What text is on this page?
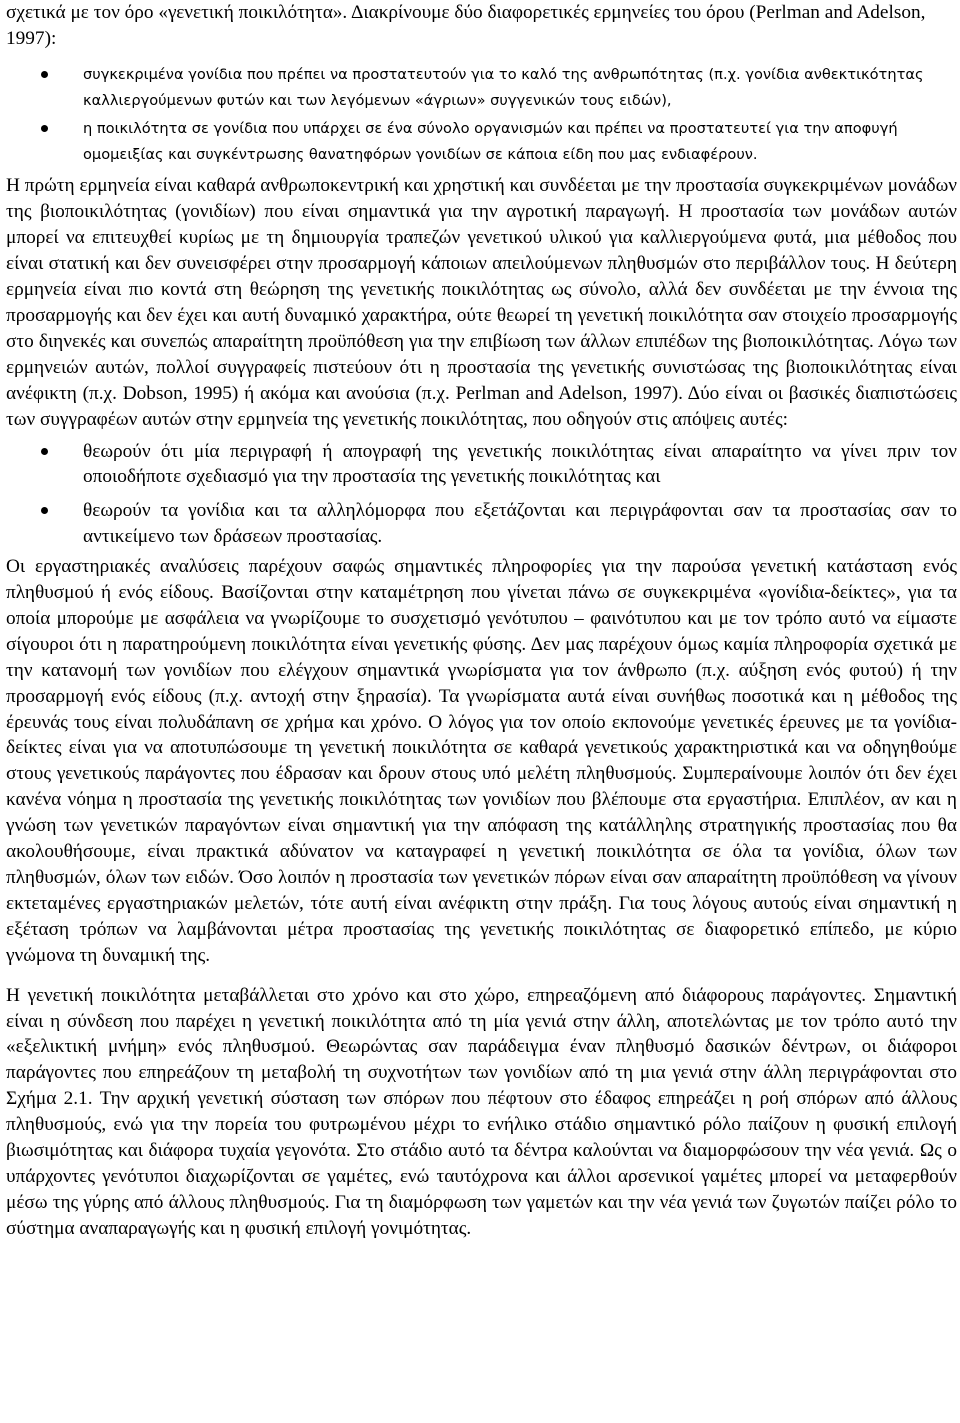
σχετικά με τον όρο «γενετική ποικιλότητα». Διακρίνουμε δύο διαφορετικές ερμηνείες του όρου (Perlman and Adelson, 1997):

συγκεκριμένα γονίδια που πρέπει να προστατευτούν για το καλό της ανθρωπότητας (π.χ. γονίδια ανθεκτικότητας καλλιεργούμενων φυτών και των λεγόμενων «άγριων» συγγενικών τους ειδών),
η ποικιλότητα σε γονίδια που υπάρχει σε ένα σύνολο οργανισμών και πρέπει να προστατευτεί για την αποφυγή ομομειξίας και συγκέντρωσης θανατηφόρων γονιδίων σε κάποια είδη που μας ενδιαφέρουν.

Η πρώτη ερμηνεία είναι καθαρά ανθρωποκεντρική και χρηστική και συνδέεται με την προστασία συγκεκριμένων μονάδων της βιοποικιλότητας (γονιδίων) που είναι σημαντικά για την αγροτική παραγωγή. Η προστασία των μονάδων αυτών μπορεί να επιτευχθεί κυρίως με τη δημιουργία τραπεζών γενετικού υλικού για καλλιεργούμενα φυτά, μια μέθοδος που είναι στατική και δεν συνεισφέρει στην προσαρμογή κάποιων απειλούμενων πληθυσμών στο περιβάλλον τους. Η δεύτερη ερμηνεία είναι πιο κοντά στη θεώρηση της γενετικής ποικιλότητας ως σύνολο, αλλά δεν συνδέεται με την έννοια της προσαρμογής και δεν έχει και αυτή δυναμικό χαρακτήρα, ούτε θεωρεί τη γενετική ποικιλότητα σαν στοιχείο προσαρμογής στο διηνεκές και συνεπώς απαραίτητη προϋπόθεση για την επιβίωση των άλλων επιπέδων της βιοποικιλότητας. Λόγω των ερμηνειών αυτών, πολλοί συγγραφείς πιστεύουν ότι η προστασία της γενετικής συνιστώσας της βιοποικιλότητας είναι ανέφικτη (π.χ. Dobson, 1995) ή ακόμα και ανούσια (π.χ. Perlman and Adelson, 1997). Δύο είναι οι βασικές διαπιστώσεις των συγγραφέων αυτών στην ερμηνεία της γενετικής ποικιλότητας, που οδηγούν στις απόψεις αυτές:

θεωρούν ότι μία περιγραφή ή απογραφή της γενετικής ποικιλότητας είναι απαραίτητο να γίνει πριν τον οποιοδήποτε σχεδιασμό για την προστασία της γενετικής ποικιλότητας και
θεωρούν τα γονίδια και τα αλληλόμορφα που εξετάζονται και περιγράφονται σαν τα προστασίας σαν το αντικείμενο των δράσεων προστασίας.

Οι εργαστηριακές αναλύσεις παρέχουν σαφώς σημαντικές πληροφορίες για την παρούσα γενετική κατάσταση ενός πληθυσμού ή ενός είδους. Βασίζονται στην καταμέτρηση που γίνεται πάνω σε συγκεκριμένα «γονίδια-δείκτες», για τα οποία μπορούμε με ασφάλεια να γνωρίζουμε το συσχετισμό γενότυπου – φαινότυπου και με τον τρόπο αυτό να είμαστε σίγουροι ότι η παρατηρούμενη ποικιλότητα είναι γενετικής φύσης. Δεν μας παρέχουν όμως καμία πληροφορία σχετικά με την κατανομή των γονιδίων που ελέγχουν σημαντικά γνωρίσματα για τον άνθρωπο (π.χ. αύξηση ενός φυτού) ή την προσαρμογή ενός είδους (π.χ. αντοχή στην ξηρασία). Τα γνωρίσματα αυτά είναι συνήθως ποσοτικά και η μέθοδος της έρευνάς τους είναι πολυδάπανη σε χρήμα και χρόνο. Ο λόγος για τον οποίο εκπονούμε γενετικές έρευνες με τα γονίδια-δείκτες είναι για να αποτυπώσουμε τη γενετική ποικιλότητα σε καθαρά γενετικούς χαρακτηριστικά και να οδηγηθούμε στους γενετικούς παράγοντες που έδρασαν και δρουν στους υπό μελέτη πληθυσμούς. Συμπεραίνουμε λοιπόν ότι δεν έχει κανένα νόημα η προστασία της γενετικής ποικιλότητας των γονιδίων που βλέπουμε στα εργαστήρια. Επιπλέον, αν και η γνώση των γενετικών παραγόντων είναι σημαντική για την απόφαση της κατάλληλης στρατηγικής προστασίας που θα ακολουθήσουμε, είναι πρακτικά αδύνατον να καταγραφεί η γενετική ποικιλότητα σε όλα τα γονίδια, όλων των πληθυσμών, όλων των ειδών. Όσο λοιπόν η προστασία των γενετικών πόρων είναι σαν απαραίτητη προϋπόθεση να γίνουν εκτεταμένες εργαστηριακών μελετών, τότε αυτή είναι ανέφικτη στην πράξη. Για τους λόγους αυτούς είναι σημαντική η εξέταση τρόπων να λαμβάνονται μέτρα προστασίας της γενετικής ποικιλότητας σε διαφορετικό επίπεδο, με κύριο γνώμονα τη δυναμική της.

Η γενετική ποικιλότητα μεταβάλλεται στο χρόνο και στο χώρο, επηρεαζόμενη από διάφορους παράγοντες. Σημαντική είναι η σύνδεση που παρέχει η γενετική ποικιλότητα από τη μία γενιά στην άλλη, αποτελώντας με τον τρόπο αυτό την «εξελικτική μνήμη» ενός πληθυσμού. Θεωρώντας σαν παράδειγμα έναν πληθυσμό δασικών δέντρων, οι διάφοροι παράγοντες που επηρεάζουν τη μεταβολή τη συχνοτήτων των γονιδίων από τη μια γενιά στην άλλη περιγράφονται στο Σχήμα 2.1. Την αρχική γενετική σύσταση των σπόρων που πέφτουν στο έδαφος επηρεάζει η ροή σπόρων από άλλους πληθυσμούς, ενώ για την πορεία του φυτρωμένου μέχρι το ενήλικο στάδιο σημαντικό ρόλο παίζουν η φυσική επιλογή βιωσιμότητας και διάφορα τυχαία γεγονότα. Στο στάδιο αυτό τα δέντρα καλούνται να διαμορφώσουν την νέα γενιά. Ως ο υπάρχοντες γενότυποι διαχωρίζονται σε γαμέτες, ενώ ταυτόχρονα και άλλοι αρσενικοί γαμέτες μπορεί να μεταφερθούν μέσω της γύρης από άλλους πληθυσμούς. Για τη διαμόρφωση των γαμετών και την νέα γενιά των ζυγωτών παίζει ρόλο το σύστημα αναπαραγωγής και η φυσική επιλογή γονιμότητας.
